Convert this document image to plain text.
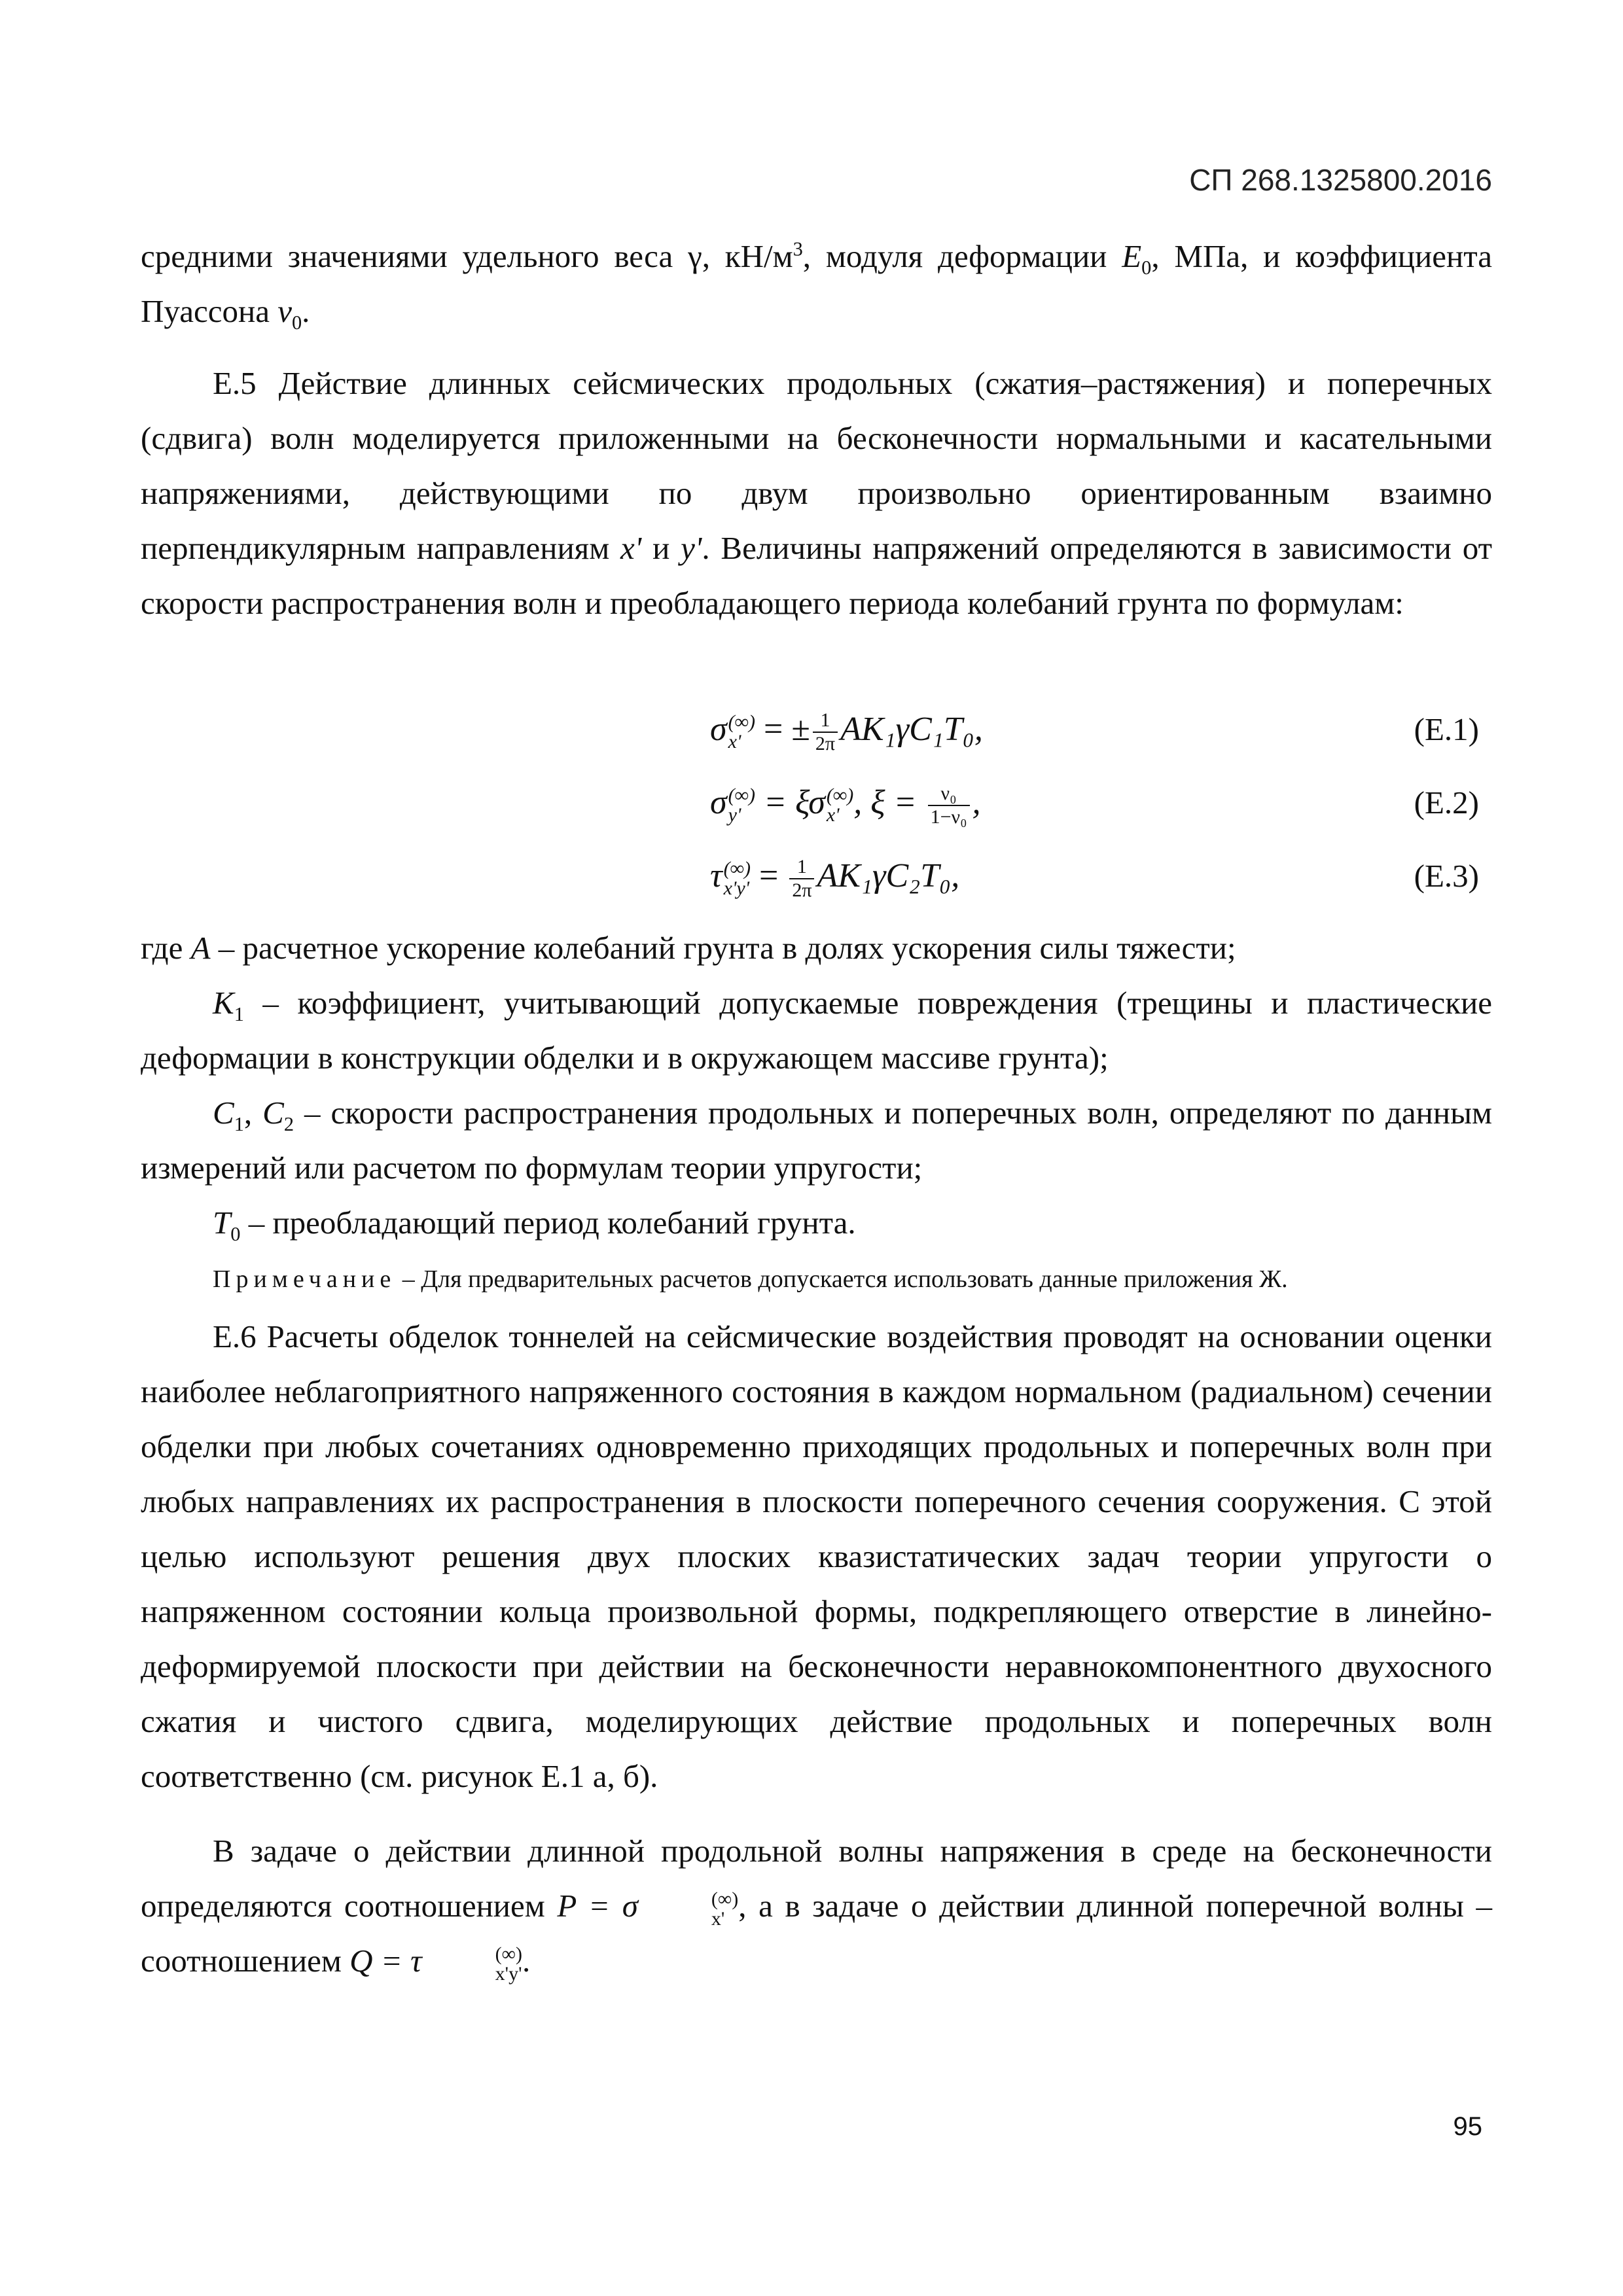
СП 268.1325800.2016

средними значениями удельного веса γ, $кН/м^3$, модуля деформации $E_0$, МПа, и коэффициента Пуассона $\nu_0$.

Е.5 Действие длинных сейсмических продольных (сжатия–растяжения) и поперечных (сдвига) волн моделируется приложенными на бесконечности нормальными и касательными напряжениями, действующими по двум произвольно ориентированным взаимно перпендикулярным направлениям x' и y'. Величины напряжений определяются в зависимости от скорости распространения волн и преобладающего периода колебаний грунта по формулам:

σ (∞)
x' = ± $\frac{1}{2\pi} AK_1\gamma C_1T_0$,	(Е.1)
σ (∞)
y' = ξσ (∞)
x' , $\xi = \frac{\text{ν₀}}{\text{1−ν₀}}$ ,	(Е.2)
τ (∞)
$x'y' = \frac{1}{2\pi} AK_1\gamma C_2T_0$,	(Е.3)

где A – расчетное ускорение колебаний грунта в долях ускорения силы тяжести;

$K_1$ – коэффициент, учитывающий допускаемые повреждения (трещины и пластические деформации в конструкции обделки и в окружающем массиве грунта);

$C_1$, $C_2$ – скорости распространения продольных и поперечных волн, определяют по данным измерений или расчетом по формулам теории упругости;

$T_0$ – преобладающий период колебаний грунта.

Примечание – Для предварительных расчетов допускается использовать данные приложения Ж.

Е.6 Расчеты обделок тоннелей на сейсмические воздействия проводят на основании оценки наиболее неблагоприятного напряженного состояния в каждом нормальном (радиальном) сечении обделки при любых сочетаниях одновременно приходящих продольных и поперечных волн при любых направлениях их распространения в плоскости поперечного сечения сооружения. С этой целью используют решения двух плоских квазистатических задач теории упругости о напряженном состоянии кольца произвольной формы, подкрепляющего отверстие в линейно-деформируемой плоскости при действии на бесконечности неравнокомпонентного двухосного сжатия и чистого сдвига, моделирующих действие продольных и поперечных волн соответственно (см. рисунок Е.1 а, б).

В задаче о действии длинной продольной волны напряжения в среде на бесконечности определяются соотношением P = σ	(∞)
x' , а в задаче о действии длинной поперечной волны – соотношением Q = τ	(∞)
x'y' .

95
